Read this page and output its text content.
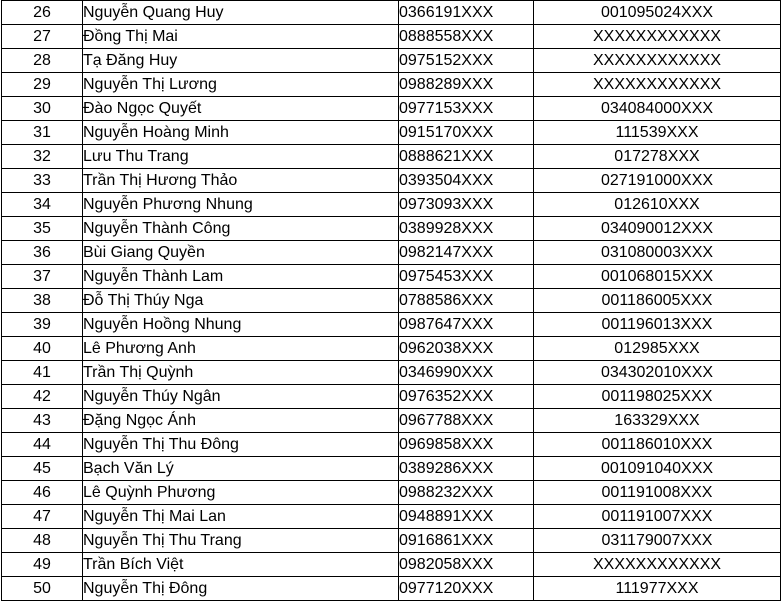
26	Nguyễn Quang Huy	0366191XXX	001095024XXX
27	Đồng Thị Mai	0888558XXX	XXXXXXXXXXXX
28	Tạ Đăng Huy	0975152XXX	XXXXXXXXXXXX
29	Nguyễn Thị Lương	0988289XXX	XXXXXXXXXXXX
30	Đào Ngọc Quyết	0977153XXX	034084000XXX
31	Nguyễn Hoàng Minh	0915170XXX	111539XXX
32	Lưu Thu Trang	0888621XXX	017278XXX
33	Trần Thị Hương Thảo	0393504XXX	027191000XXX
34	Nguyễn Phương Nhung	0973093XXX	012610XXX
35	Nguyễn Thành Công	0389928XXX	034090012XXX
36	Bùi Giang Quyền	0982147XXX	031080003XXX
37	Nguyễn Thành Lam	0975453XXX	001068015XXX
38	Đỗ Thị Thúy Nga	0788586XXX	001186005XXX
39	Nguyễn Hoồng Nhung	0987647XXX	001196013XXX
40	Lê Phương Anh	0962038XXX	012985XXX
41	Trần Thị Quỳnh	0346990XXX	034302010XXX
42	Nguyễn Thúy Ngân	0976352XXX	001198025XXX
43	Đặng Ngọc Ánh	0967788XXX	163329XXX
44	Nguyễn Thị Thu Đông	0969858XXX	001186010XXX
45	Bạch Văn Lý	0389286XXX	001091040XXX
46	Lê Quỳnh Phương	0988232XXX	001191008XXX
47	Nguyễn Thị Mai Lan	0948891XXX	001191007XXX
48	Nguyễn Thị Thu Trang	0916861XXX	031179007XXX
49	Trần Bích Việt	0982058XXX	XXXXXXXXXXXX
50	Nguyễn Thị Đông	0977120XXX	111977XXX
